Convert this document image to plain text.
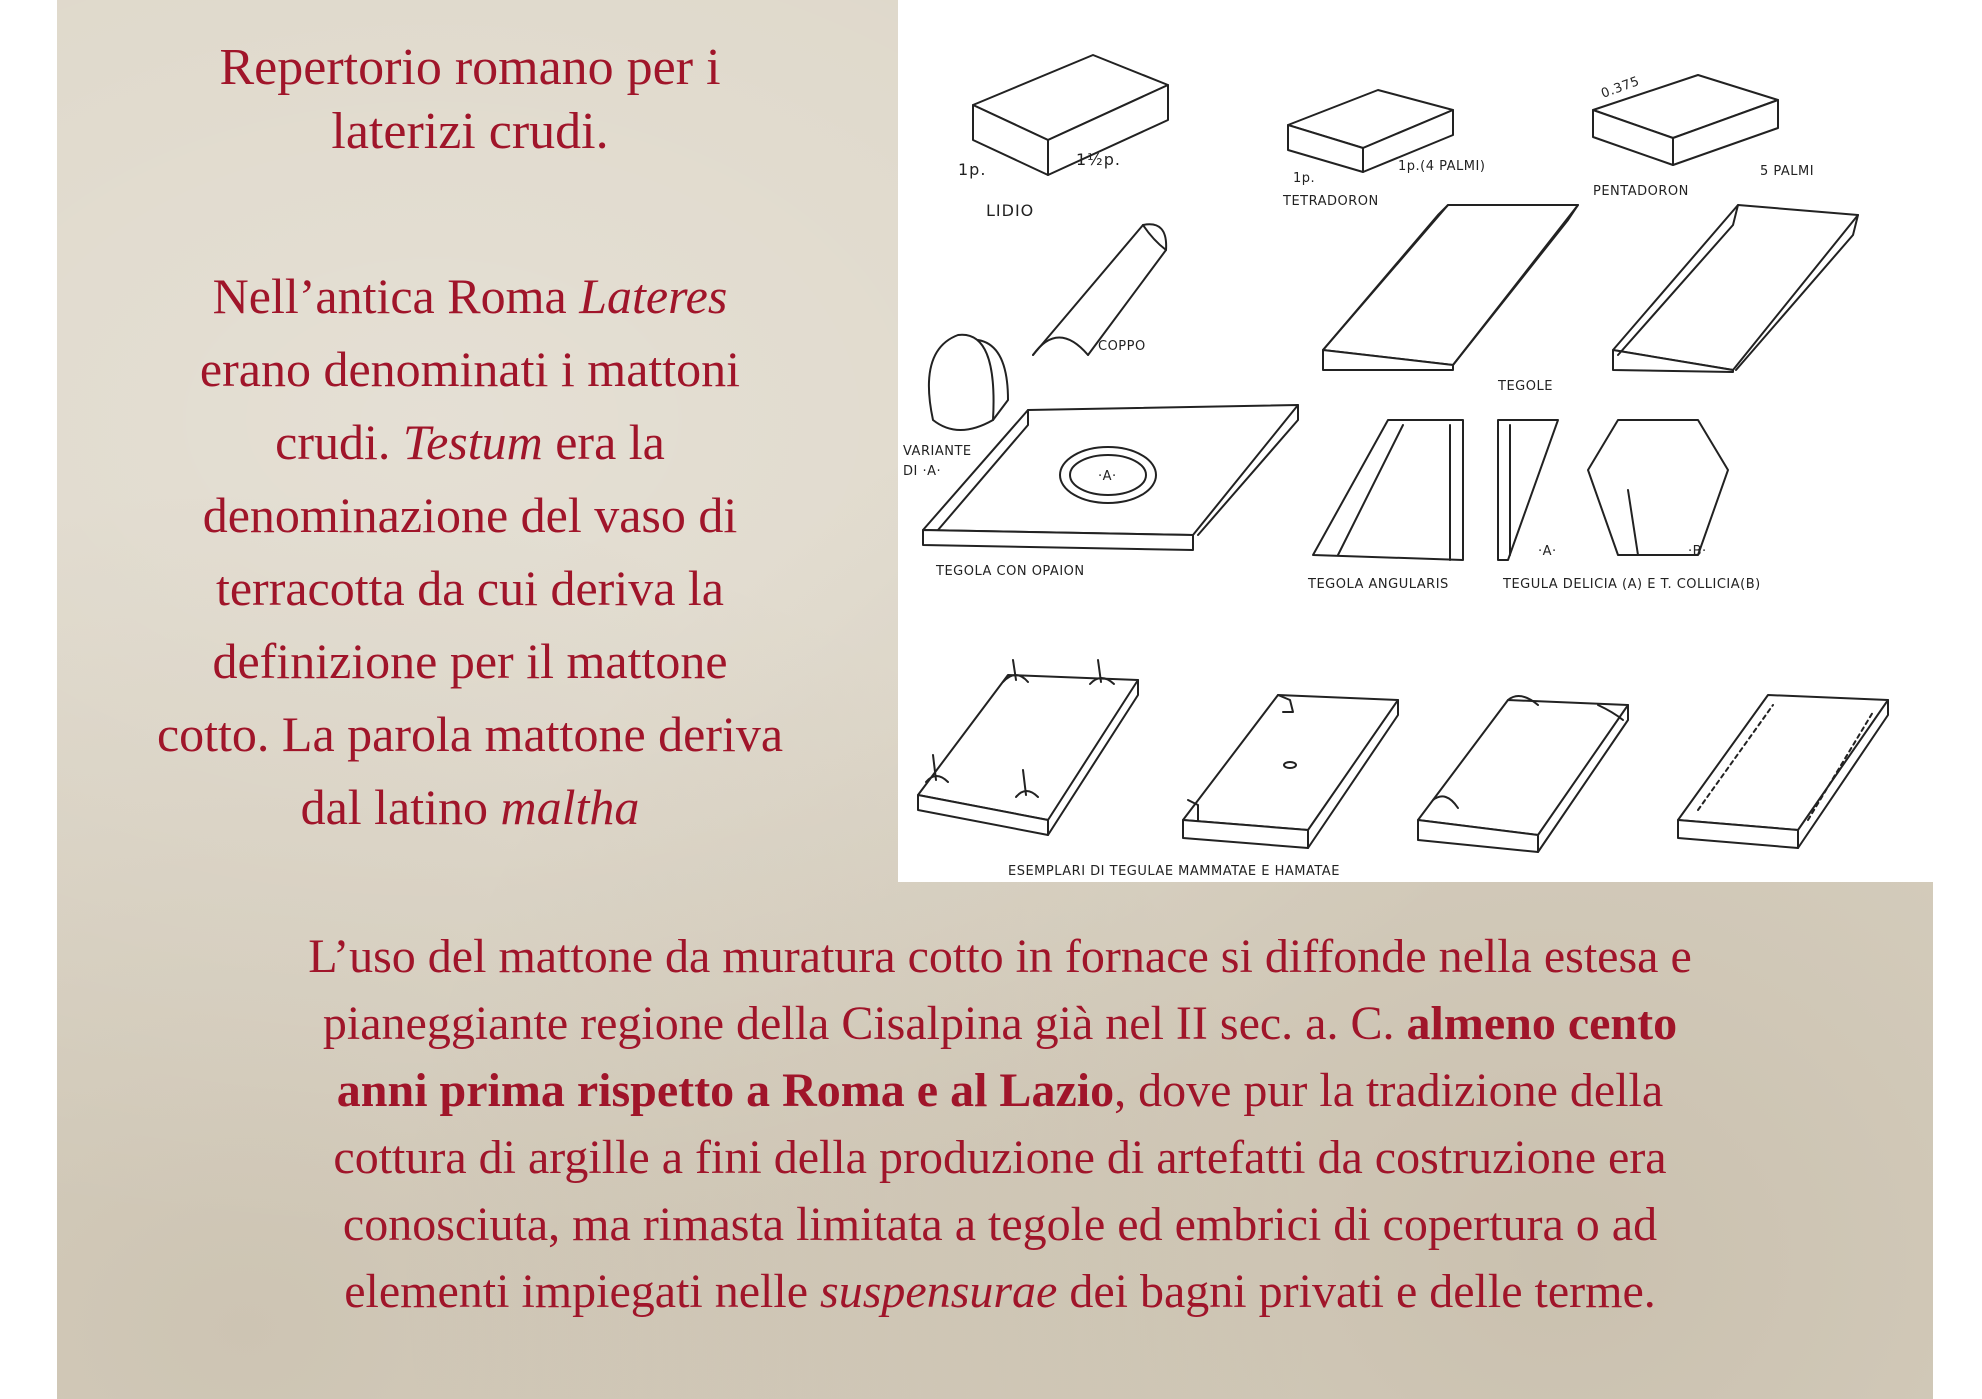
Repertorio romano per i

laterizi crudi.

Nell’antica Roma Lateres

erano denominati i mattoni

crudi. Testum era la

denominazione del vaso di

terracotta da cui deriva la

definizione per il mattone

cotto. La parola mattone deriva

dal latino maltha

1p.
1½p.
LIDIO
1p.
1p.(4 PALMI)
TETRADORON
0.375
PENTADORON
5 PALMI
COPPO
TEGOLE
VARIANTE
DI ·A·	·A·
TEGOLA CON OPAION
TEGOLA ANGULARIS
·A·	·B·
TEGULA DELICIA (A) E T. COLLICIA(B)
ESEMPLARI DI TEGULAE MAMMATAE E HAMATAE

L’uso del mattone da muratura cotto in fornace si diffonde nella estesa e

pianeggiante regione della Cisalpina già nel II sec. a. C. almeno cento

anni prima rispetto a Roma e al Lazio, dove pur la tradizione della

cottura di argille a fini della produzione di artefatti da costruzione era

conosciuta, ma rimasta limitata a tegole ed embrici di copertura o ad

elementi impiegati nelle suspensurae dei bagni privati e delle terme.
